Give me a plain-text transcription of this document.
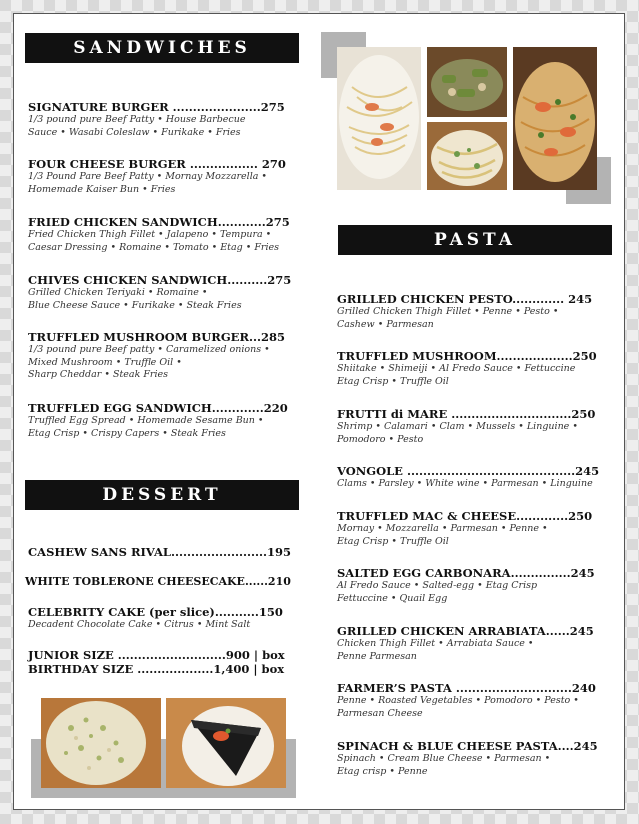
SANDWICHES
SIGNATURE BURGER ......................275
1/3 pound pure Beef Patty • House Barbecue
Sauce • Wasabi Coleslaw • Furikake • Fries
FOUR CHEESE BURGER ................. 270
1/3 Pound Pare Beef Patty • Mornay Mozzarella •
Homemade Kaiser Bun • Fries
FRIED CHICKEN SANDWICH............275
Fried Chicken Thigh Fillet • Jalapeno • Tempura •
Caesar Dressing • Romaine • Tomato • Etag • Fries
CHIVES CHICKEN SANDWICH..........275
Grilled Chicken Teriyaki • Romaine •
Blue Cheese Sauce • Furikake • Steak Fries
TRUFFLED MUSHROOM BURGER...285
1/3 pound pure Beef patty • Caramelized onions •
Mixed Mushroom • Truffle Oil •
Sharp Cheddar • Steak Fries
TRUFFLED EGG SANDWICH.............220
Truffled Egg Spread • Homemade Sesame Bun •
Etag Crisp • Crispy Capers • Steak Fries
DESSERT
CASHEW SANS RIVAL........................195
WHITE TOBLERONE CHEESECAKE......210
CELEBRITY CAKE (per slice)...........150
Decadent Chocolate Cake • Citrus • Mint Salt
JUNIOR SIZE ...........................900 | box
BIRTHDAY SIZE ...................1,400 | box
PASTA
GRILLED CHICKEN PESTO............. 245
Grilled Chicken Thigh Fillet • Penne • Pesto •
Cashew • Parmesan
TRUFFLED MUSHROOM...................250
Shiitake • Shimeiji • Al Fredo Sauce • Fettuccine
Etag Crisp • Truffle Oil
FRUTTI di MARE ..............................250
Shrimp • Calamari • Clam • Mussels • Linguine •
Pomodoro • Pesto
VONGOLE ..........................................245
Clams • Parsley • White wine • Parmesan • Linguine
TRUFFLED MAC & CHEESE.............250
Mornay • Mozzarella • Parmesan • Penne •
Etag Crisp • Truffle Oil
SALTED EGG CARBONARA...............245
Al Fredo Sauce • Salted-egg • Etag Crisp
Fettuccine • Quail Egg
GRILLED CHICKEN ARRABIATA......245
Chicken Thigh Fillet • Arrabiata Sauce •
Penne Parmesan
FARMER’S PASTA .............................240
Penne • Roasted Vegetables • Pomodoro • Pesto •
Parmesan Cheese
SPINACH & BLUE CHEESE PASTA....245
Spinach • Cream Blue Cheese • Parmesan •
Etag crisp • Penne
